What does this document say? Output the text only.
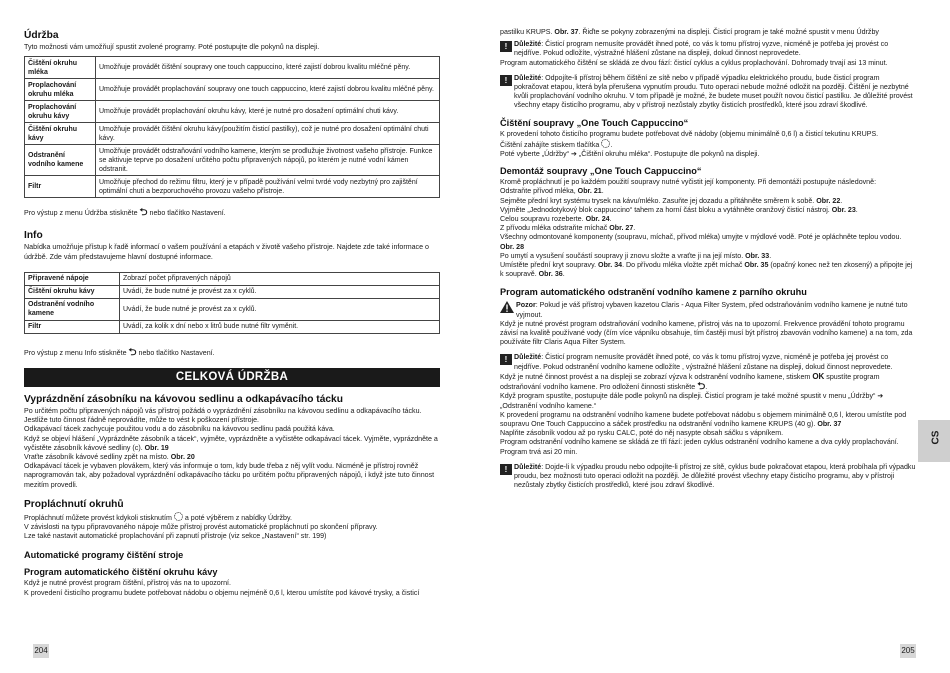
Údržba

Tyto možnosti vám umožňují spustit zvolené programy. Poté postupujte dle pokynů na displeji.

Čištění okruhu mléka	Umožňuje provádět čištění soupravy one touch cappuccino, které zajistí dobrou kvalitu mléčné pěny.
Proplachování okruhu mléka	Umožňuje provádět proplachování soupravy one touch cappuccino, které zajistí dobrou kvalitu mléčné pěny.
Proplachování okruhu kávy	Umožňuje provádět proplachování okruhu kávy, které je nutné pro dosažení optimální chuti kávy.
Čištění okruhu kávy	Umožňuje provádět čištění okruhu kávy(použitím čisticí pastilky), což je nutné pro dosažení optimální chuti kávy.
Odstranění vodního kamene	Umožňuje provádět odstraňování vodního kamene, kterým se prodlužuje životnost vašeho přístroje. Funkce se aktivuje teprve po dosažení určitého počtu připravených nápojů, po kterém je nutné vodní kámen odstranit.
Filtr	Umožňuje přechod do režimu filtru, který je v případě používání velmi tvrdé vody nezbytný pro zajištění optimální chuti a bezporuchového provozu vašeho přístroje.

Pro výstup z menu Údržba stiskněte ⮌ nebo tlačítko Nastavení.

Info

Nabídka umožňuje přístup k řadě informací o vašem používání a etapách v životě vašeho přístroje. Najdete zde také informace o údržbě. Zde vám představujeme hlavní dostupné informace.

Připravené nápoje	Zobrazí počet připravených nápojů
Čištění okruhu kávy	Uvádí, že bude nutné je provést za x cyklů.
Odstranění vodního kamene	Uvádí, že bude nutné je provést za x cyklů.
Filtr	Uvádí, za kolik x dní nebo x litrů bude nutné filtr vyměnit.

Pro výstup z menu Info stiskněte ⮌ nebo tlačítko Nastavení.

CELKOVÁ ÚDRŽBA
Vyprázdnění zásobníku na kávovou sedlinu a odkapávacího tácku

Po určitém počtu připravených nápojů vás přístroj požádá o vyprázdnění zásobníku na kávovou sedlinu a odkapávacího tácku. Jestliže tuto činnost řádně neprovádíte, může to vést k poškození přístroje.

Odkapávací tácek zachycuje použitou vodu a do zásobníku na kávovou sedlinu padá použitá káva.

Když se objeví hlášení „Vyprázdněte zásobník a tácek“, vyjměte, vyprázdněte a vyčistěte odkapávací tácek. Vyjměte, vyprázdněte a vyčistěte zásobník kávové sedliny (c). Obr. 19

Vraťte zásobník kávové sedliny zpět na místo. Obr. 20

Odkapávací tácek je vybaven plovákem, který vás informuje o tom, kdy bude třeba z něj vylít vodu. Nicméně je přístroj rovněž naprogramován tak, aby požadoval vyprázdnění odkapávacího tácku po určitém počtu připravených nápojů, i když jste tuto činnost mezitím provedli.

Propláchnutí okruhů

Propláchnutí můžete provést kdykoli stisknutím a poté výběrem z nabídky Údržby.

V závislosti na typu připravovaného nápoje může přístroj provést automatické propláchnutí po skončení přípravy.

Lze také nastavit automatické proplachování při zapnutí přístroje (viz sekce „Nastavení“ str. 199)

Automatické programy čištění stroje
Program automatického čištění okruhu kávy

Když je nutné provést program čištění, přístroj vás na to upozorní.

K provedení čisticího programu budete potřebovat nádobu o objemu nejméně 0,6 l, kterou umístíte pod kávové trysky, a čisticí

204

pastilku KRUPS. Obr. 37. Řiďte se pokyny zobrazenými na displeji. Čisticí program je také možné spustit v menu Údržby

! Důležité: Čisticí program nemusíte provádět ihned poté, co vás k tomu přístroj vyzve, nicméně je potřeba jej provést co nejdříve. Pokud odložíte, výstražné hlášení zůstane na displeji, dokud činnost neprovedete.

Program automatického čištění se skládá ze dvou fází: čisticí cyklus a cyklus proplachování. Dohromady trvají asi 13 minut.

! Důležité: Odpojíte-li přístroj během čištění ze sítě nebo v případě výpadku elektrického proudu, bude čisticí program pokračovat etapou, která byla přerušena vypnutím proudu. Tuto operaci nebude možné odložit na později. Čištění je nezbytné kvůli proplachování vodního okruhu. V tom případě je možné, že budete muset použít novou čisticí pastilku. Je důležité provést všechny etapy čisticího programu, aby v přístroji nezůstaly zbytky čisticích prostředků, které jsou zdraví škodlivé.

Čištění soupravy „One Touch Cappuccino“

K provedení tohoto čisticího programu budete potřebovat dvě nádoby (objemu minimálně 0,6 l) a čisticí tekutinu KRUPS.

Čištění zahájíte stiskem tlačítka .

Poté vyberte „Údržby“ ➔ „Čištění okruhu mléka“. Postupujte dle pokynů na displeji.

Demontáž soupravy „One Touch Cappuccino“

Kromě propláchnutí je po každém použití soupravy nutné vyčistit její komponenty. Při demontáži postupujte následovně:

Odstraňte přívod mléka, Obr. 21.

Sejměte přední kryt systému trysek na kávu/mléko. Zasuňte jej dozadu a přitáhněte směrem k sobě. Obr. 22.

Vyjměte „Jednodotykový blok cappuccino“ tahem za horní část bloku a vytáhněte oranžový čisticí nástroj. Obr. 23.

Celou soupravu rozeberte. Obr. 24.

Z přívodu mléka odstraňte míchač Obr. 27.

Všechny odmontované komponenty (soupravu, míchač, přívod mléka) umyjte v mýdlové vodě. Poté je opláchněte teplou vodou. Obr. 28

Po umytí a vysušení součástí soupravy ji znovu složte a vraťte ji na její místo. Obr. 33.

Umístěte přední kryt soupravy. Obr. 34. Do přívodu mléka vložte zpět míchač Obr. 35 (opačný konec než ten zkosený) a připojte jej k soupravě. Obr. 36.

Program automatického odstranění vodního kamene z parního okruhu

Pozor: Pokud je váš přístroj vybaven kazetou Claris - Aqua Filter System, před odstraňováním vodního kamene je nutné tuto vyjmout.

Když je nutné provést program odstraňování vodního kamene, přístroj vás na to upozorní. Frekvence provádění tohoto programu závisí na kvalitě používané vody (čím více vápníku obsahuje, tím častěji musí být přístroj zbavován vodního kamene) a na tom, zda používáte filtr Claris Aqua Filter System.

! Důležité: Čisticí program nemusíte provádět ihned poté, co vás k tomu přístroj vyzve, nicméně je potřeba jej provést co nejdříve. Pokud odstranění vodního kamene odložíte , výstražné hlášení zůstane na displeji, dokud činnost neprovedete.

Když je nutné činnost provést a na displeji se zobrazí výzva k odstranění vodního kamene, stiskem OK spustíte program odstraňování vodního kamene. Pro odložení činnosti stiskněte ⮌.

Když program spustíte, postupujte dále podle pokynů na displeji. Čisticí program je také možné spustit v menu „Údržby“ ➔ „Odstranění vodního kamene.“

K provedení programu na odstranění vodního kamene budete potřebovat nádobu s objemem minimálně 0,6 l, kterou umístíte pod soupravu One Touch Cappuccino a sáček prostředku na odstranění vodního kamene KRUPS (40 g). Obr. 37

Naplňte zásobník vodou až po rysku CALC, poté do něj nasypte obsah sáčku s vápníkem.

Program odstranění vodního kamene se skládá ze tří fází: jeden cyklus odstranění vodního kamene a dva cykly proplachování. Program trvá asi 20 min.

! Důležité: Dojde-li k výpadku proudu nebo odpojíte-li přístroj ze sítě, cyklus bude pokračovat etapou, která probíhala při výpadku proudu, bez možnosti tuto operaci odložit na později. Je důležité provést všechny etapy čisticího programu, aby v přístroji nezůstaly zbytky čisticích prostředků, které jsou zdraví škodlivé.

205
CS
